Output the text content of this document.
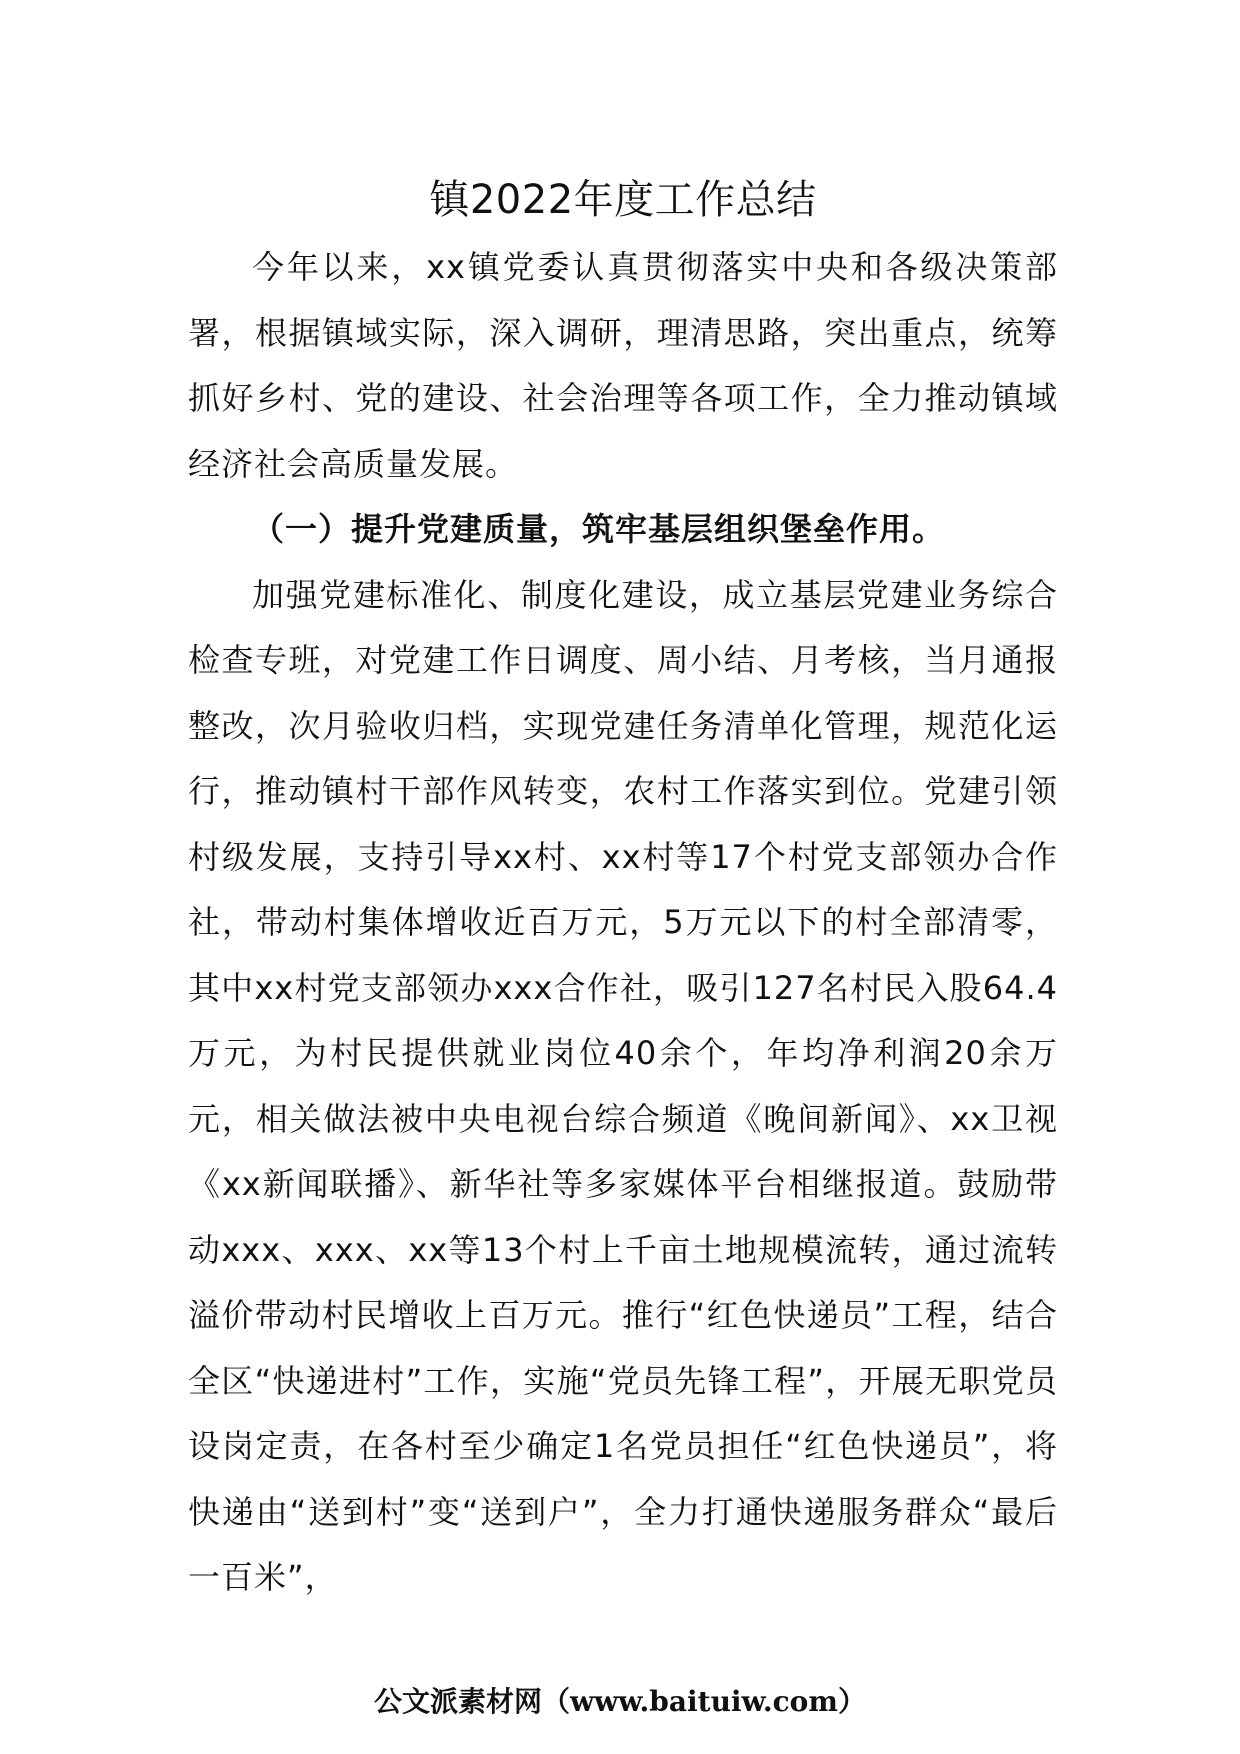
镇2022年度工作总结

今年以来，xx镇党委认真贯彻落实中央和各级决策部署，根据镇域实际，深入调研，理清思路，突出重点，统筹抓好乡村、党的建设、社会治理等各项工作，全力推动镇域经济社会高质量发展。

（一）提升党建质量，筑牢基层组织堡垒作用。

加强党建标准化、制度化建设，成立基层党建业务综合检查专班，对党建工作日调度、周小结、月考核，当月通报整改，次月验收归档，实现党建任务清单化管理，规范化运行，推动镇村干部作风转变，农村工作落实到位。党建引领村级发展，支持引导xx村、xx村等17个村党支部领办合作社，带动村集体增收近百万元，5万元以下的村全部清零，其中xx村党支部领办xxx合作社，吸引127名村民入股64.4万元，为村民提供就业岗位40余个，年均净利润20余万元，相关做法被中央电视台综合频道《晚间新闻》、xx卫视《xx新闻联播》、新华社等多家媒体平台相继报道。鼓励带动xxx、xxx、xx等13个村上千亩土地规模流转，通过流转溢价带动村民增收上百万元。推行“红色快递员”工程，结合全区“快递进村”工作，实施“党员先锋工程”，开展无职党员设岗定责，在各村至少确定1名党员担任“红色快递员”，将快递由“送到村”变“送到户”，全力打通快递服务群众“最后一百米”，

公文派素材网（www.baituiw.com）
